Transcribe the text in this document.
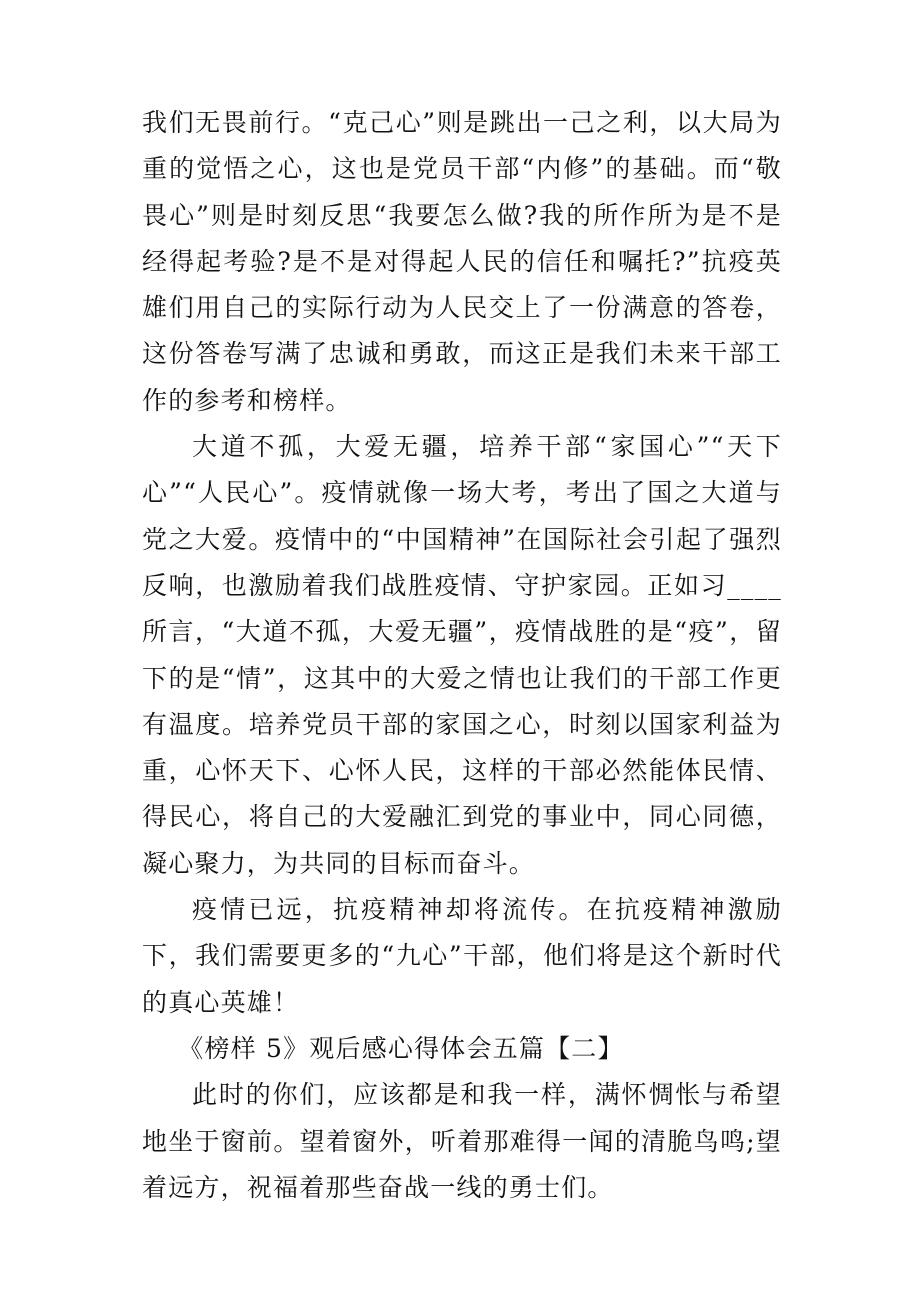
我们无畏前行。“克己心”则是跳出一己之利，以大局为重的觉悟之心，这也是党员干部“内修”的基础。而“敬畏心”则是时刻反思“我要怎么做?我的所作所为是不是经得起考验?是不是对得起人民的信任和嘱托?”抗疫英雄们用自己的实际行动为人民交上了一份满意的答卷，这份答卷写满了忠诚和勇敢，而这正是我们未来干部工作的参考和榜样。

大道不孤，大爱无疆，培养干部“家国心”“天下心”“人民心”。疫情就像一场大考，考出了国之大道与党之大爱。疫情中的“中国精神”在国际社会引起了强烈反响，也激励着我们战胜疫情、守护家园。正如习____所言，“大道不孤，大爱无疆”，疫情战胜的是“疫”，留下的是“情”，这其中的大爱之情也让我们的干部工作更有温度。培养党员干部的家国之心，时刻以国家利益为重，心怀天下、心怀人民，这样的干部必然能体民情、得民心，将自己的大爱融汇到党的事业中，同心同德，凝心聚力，为共同的目标而奋斗。

疫情已远，抗疫精神却将流传。在抗疫精神激励下，我们需要更多的“九心”干部，他们将是这个新时代的真心英雄！

《榜样 5》观后感心得体会五篇【二】

此时的你们，应该都是和我一样，满怀惆怅与希望地坐于窗前。望着窗外，听着那难得一闻的清脆鸟鸣;望着远方，祝福着那些奋战一线的勇士们。
